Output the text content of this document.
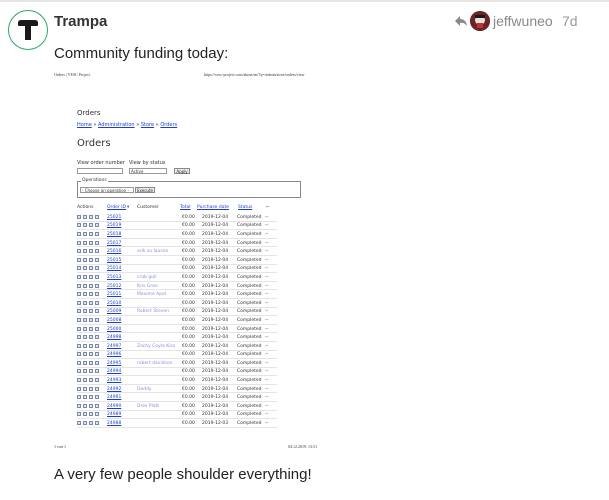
Trampa	jeffwuneo 7d
Community funding today:
Orders | VESC Project	https://vesc-project.com/about/en/?q=/admin/store/orders/view
Orders
Home » Administration » Store » Orders
Orders
View order number View by status
Active	Apply
Operations
- Choose an operation -	Execute
Actions	Order ID ▾ Customer	Total Purchase date Status	⌐
25021	€0.00 2019-12-04 Completed ⌐
25019	€0.00 2019-12-04 Completed ⌐
25018	€0.00 2019-12-04 Completed ⌐
25017	€0.00 2019-12-04 Completed ⌐
25016	erik su lausen	€0.00 2019-12-04 Completed ⌐
25015	€0.00 2019-12-04 Completed ⌐
25014	€0.00 2019-12-04 Completed ⌐
25013	crab gull	€0.00 2019-12-04 Completed ⌐
25012	Kris Gran	€0.00 2019-12-04 Completed ⌐
25011	Maxime Apol	€0.00 2019-12-04 Completed ⌐
25010	€0.00 2019-12-04 Completed ⌐
25009	Robert Steven	€0.00 2019-12-04 Completed ⌐
25008	€0.00 2019-12-04 Completed ⌐
25000	€0.00 2019-12-04 Completed ⌐
24998	€0.00 2019-12-04 Completed ⌐
24997	Zachy Coyle Kiss €0.00 2019-12-04 Completed ⌐
24996	€0.00 2019-12-04 Completed ⌐
24995	robert davidson €0.00 2019-12-04 Completed ⌐
24994	€0.00 2019-12-04 Completed ⌐
24993	€0.00 2019-12-04 Completed ⌐
24992	Daddy	€0.00 2019-12-04 Completed ⌐
24991	€0.00 2019-12-04 Completed ⌐
24990	Dres Platt	€0.00 2019-12-04 Completed ⌐
24989	€0.00 2019-12-04 Completed ⌐
24988	€0.00 2019-12-03 Completed ⌐
1 von 1	04.12.2019, 13:51
A very few people shoulder everything!
